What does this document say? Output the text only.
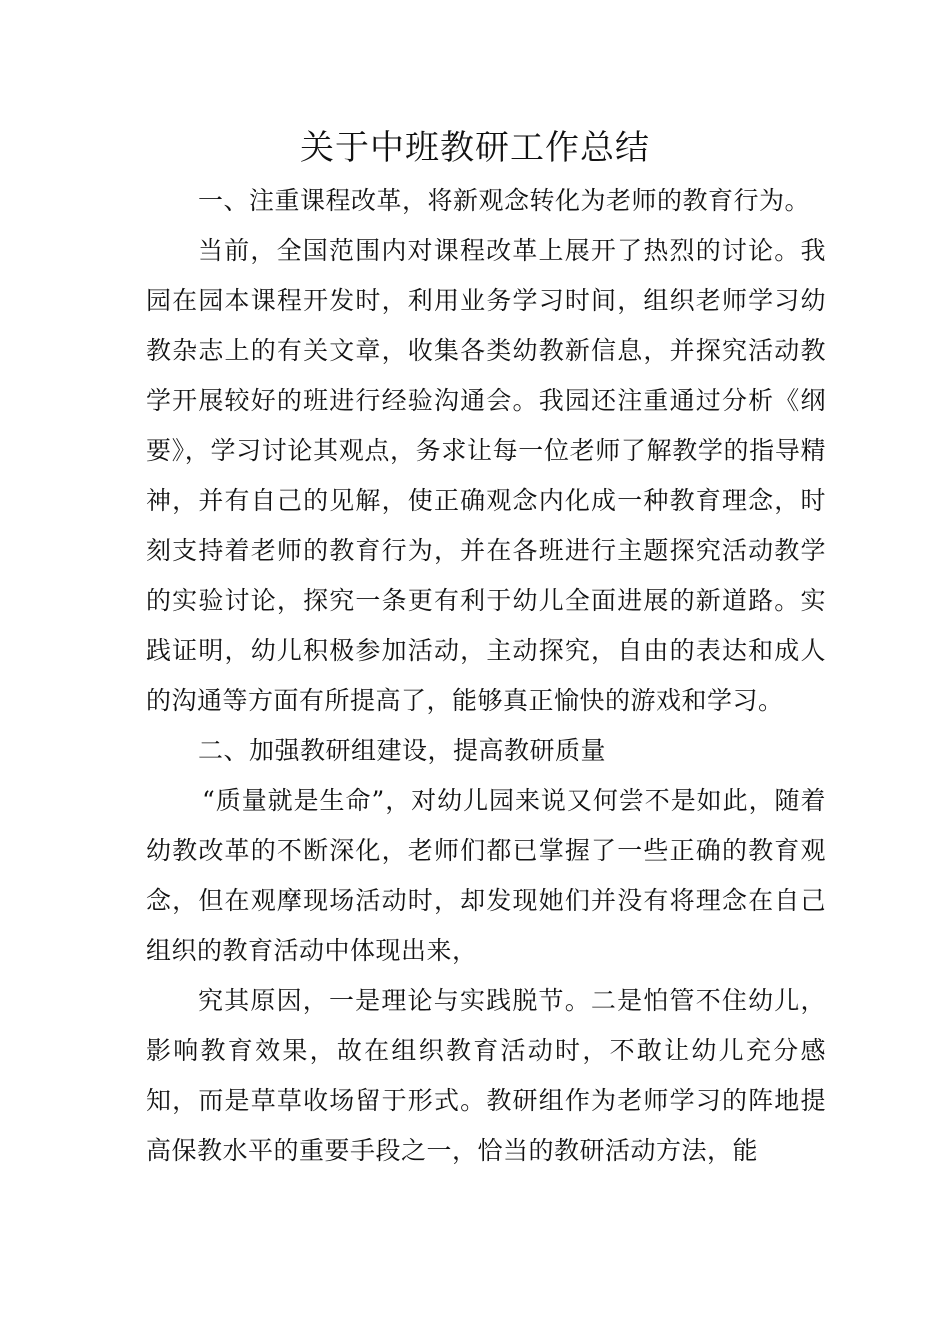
关于中班教研工作总结

一、注重课程改革，将新观念转化为老师的教育行为。

当前，全国范围内对课程改革上展开了热烈的讨论。我园在园本课程开发时，利用业务学习时间，组织老师学习幼教杂志上的有关文章，收集各类幼教新信息，并探究活动教学开展较好的班进行经验沟通会。我园还注重通过分析《纲要》，学习讨论其观点，务求让每一位老师了解教学的指导精神，并有自己的见解，使正确观念内化成一种教育理念，时刻支持着老师的教育行为，并在各班进行主题探究活动教学的实验讨论，探究一条更有利于幼儿全面进展的新道路。实践证明，幼儿积极参加活动，主动探究，自由的表达和成人的沟通等方面有所提高了，能够真正愉快的游戏和学习。

二、加强教研组建设，提高教研质量

“质量就是生命”，对幼儿园来说又何尝不是如此，随着幼教改革的不断深化，老师们都已掌握了一些正确的教育观念，但在观摩现场活动时，却发现她们并没有将理念在自己组织的教育活动中体现出来，

究其原因，一是理论与实践脱节。二是怕管不住幼儿，影响教育效果，故在组织教育活动时，不敢让幼儿充分感知，而是草草收场留于形式。教研组作为老师学习的阵地提高保教水平的重要手段之一，恰当的教研活动方法，能
